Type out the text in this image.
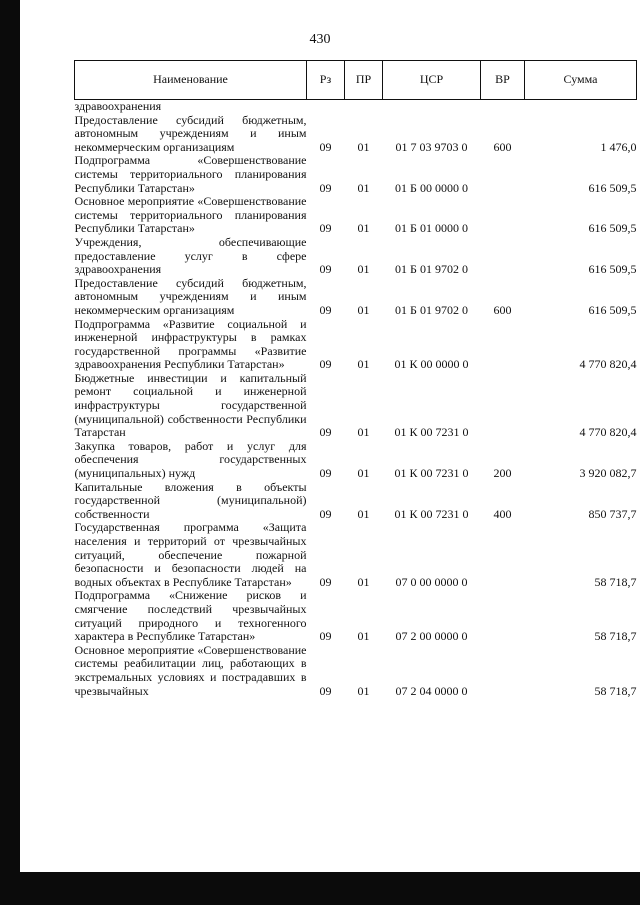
430
Наименование	Рз	ПР	ЦСР	ВР	Сумма
здравоохранения					
Предоставление субсидий бюджетным, автономным учреждениям и иным некоммерческим организациям	09	01	01 7 03 9703 0	600	1 476,0
Подпрограмма «Совершенствование системы территориального планирования Республики Татарстан»	09	01	01 Б 00 0000 0		616 509,5
Основное мероприятие «Совершенствование системы территориального планирования Республики Татарстан»	09	01	01 Б 01 0000 0		616 509,5
Учреждения, обеспечивающие предоставление услуг в сфере здравоохранения	09	01	01 Б 01 9702 0		616 509,5
Предоставление субсидий бюджетным, автономным учреждениям и иным некоммерческим организациям	09	01	01 Б 01 9702 0	600	616 509,5
Подпрограмма «Развитие социальной и инженерной инфраструктуры в рамках государственной программы «Развитие здравоохранения Республики Татарстан»	09	01	01 К 00 0000 0		4 770 820,4
Бюджетные инвестиции и капитальный ремонт социальной и инженерной инфраструктуры государственной (муниципальной) собственности Республики Татарстан	09	01	01 К 00 7231 0		4 770 820,4
Закупка товаров, работ и услуг для обеспечения государственных (муниципальных) нужд	09	01	01 К 00 7231 0	200	3 920 082,7
Капитальные вложения в объекты государственной (муниципальной) собственности	09	01	01 К 00 7231 0	400	850 737,7
Государственная программа «Защита населения и территорий от чрезвычайных ситуаций, обеспечение пожарной безопасности и безопасности людей на водных объектах в Республике Татарстан»	09	01	07 0 00 0000 0		58 718,7
Подпрограмма «Снижение рисков и смягчение последствий чрезвычайных ситуаций природного и техногенного характера в Республике Татарстан»	09	01	07 2 00 0000 0		58 718,7
Основное мероприятие «Совершенствование системы реабилитации лиц, работающих в экстремальных условиях и пострадавших в чрезвычайных	09	01	07 2 04 0000 0		58 718,7
